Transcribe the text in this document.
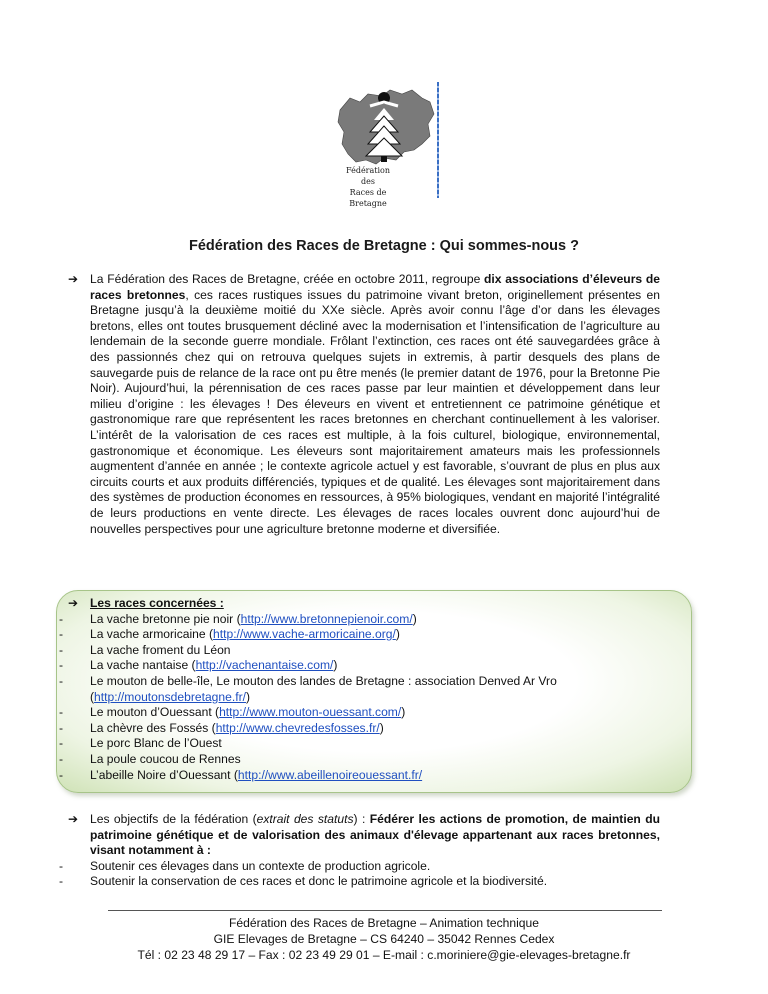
Fédération
des
Races de Bretagne
Fédération des Races de Bretagne : Qui sommes-nous ?
➔ La Fédération des Races de Bretagne, créée en octobre 2011, regroupe dix associations d’éleveurs de races bretonnes, ces races rustiques issues du patrimoine vivant breton, originellement présentes en Bretagne jusqu’à la deuxième moitié du XXe siècle. Après avoir connu l’âge d’or dans les élevages bretons, elles ont toutes brusquement décliné avec la modernisation et l’intensification de l’agriculture au lendemain de la seconde guerre mondiale. Frôlant l’extinction, ces races ont été sauvegardées grâce à des passionnés chez qui on retrouva quelques sujets in extremis, à partir desquels des plans de sauvegarde puis de relance de la race ont pu être menés (le premier datant de 1976, pour la Bretonne Pie Noir). Aujourd’hui, la pérennisation de ces races passe par leur maintien et développement dans leur milieu d’origine : les élevages ! Des éleveurs en vivent et entretiennent ce patrimoine génétique et gastronomique rare que représentent les races bretonnes en cherchant continuellement à les valoriser. L’intérêt de la valorisation de ces races est multiple, à la fois culturel, biologique, environnemental, gastronomique et économique. Les éleveurs sont majoritairement amateurs mais les professionnels augmentent d’année en année ; le contexte agricole actuel y est favorable, s’ouvrant de plus en plus aux circuits courts et aux produits différenciés, typiques et de qualité. Les élevages sont majoritairement dans des systèmes de production économes en ressources, à 95% biologiques, vendant en majorité l’intégralité de leurs productions en vente directe. Les élevages de races locales ouvrent donc aujourd’hui de nouvelles perspectives pour une agriculture bretonne moderne et diversifiée.
➔ Les races concernées :
- La vache bretonne pie noir (http://www.bretonnepienoir.com/)
- La vache armoricaine (http://www.vache-armoricaine.org/)
- La vache froment du Léon
- La vache nantaise (http://vachenantaise.com/)
- Le mouton de belle-île, Le mouton des landes de Bretagne : association Denved Ar Vro (http://moutonsdebretagne.fr/)
- Le mouton d’Ouessant (http://www.mouton-ouessant.com/)
- La chèvre des Fossés (http://www.chevredesfosses.fr/)
- Le porc Blanc de l’Ouest
- La poule coucou de Rennes
- L’abeille Noire d’Ouessant (http://www.abeillenoireouessant.fr/
➔ Les objectifs de la fédération (extrait des statuts) : Fédérer les actions de promotion, de maintien du patrimoine génétique et de valorisation des animaux d'élevage appartenant aux races bretonnes, visant notamment à :
- Soutenir ces élevages dans un contexte de production agricole.
- Soutenir la conservation de ces races et donc le patrimoine agricole et la biodiversité.
Fédération des Races de Bretagne – Animation technique
GIE Elevages de Bretagne – CS 64240 – 35042 Rennes Cedex
Tél : 02 23 48 29 17 – Fax : 02 23 49 29 01 – E-mail : c.moriniere@gie-elevages-bretagne.fr
